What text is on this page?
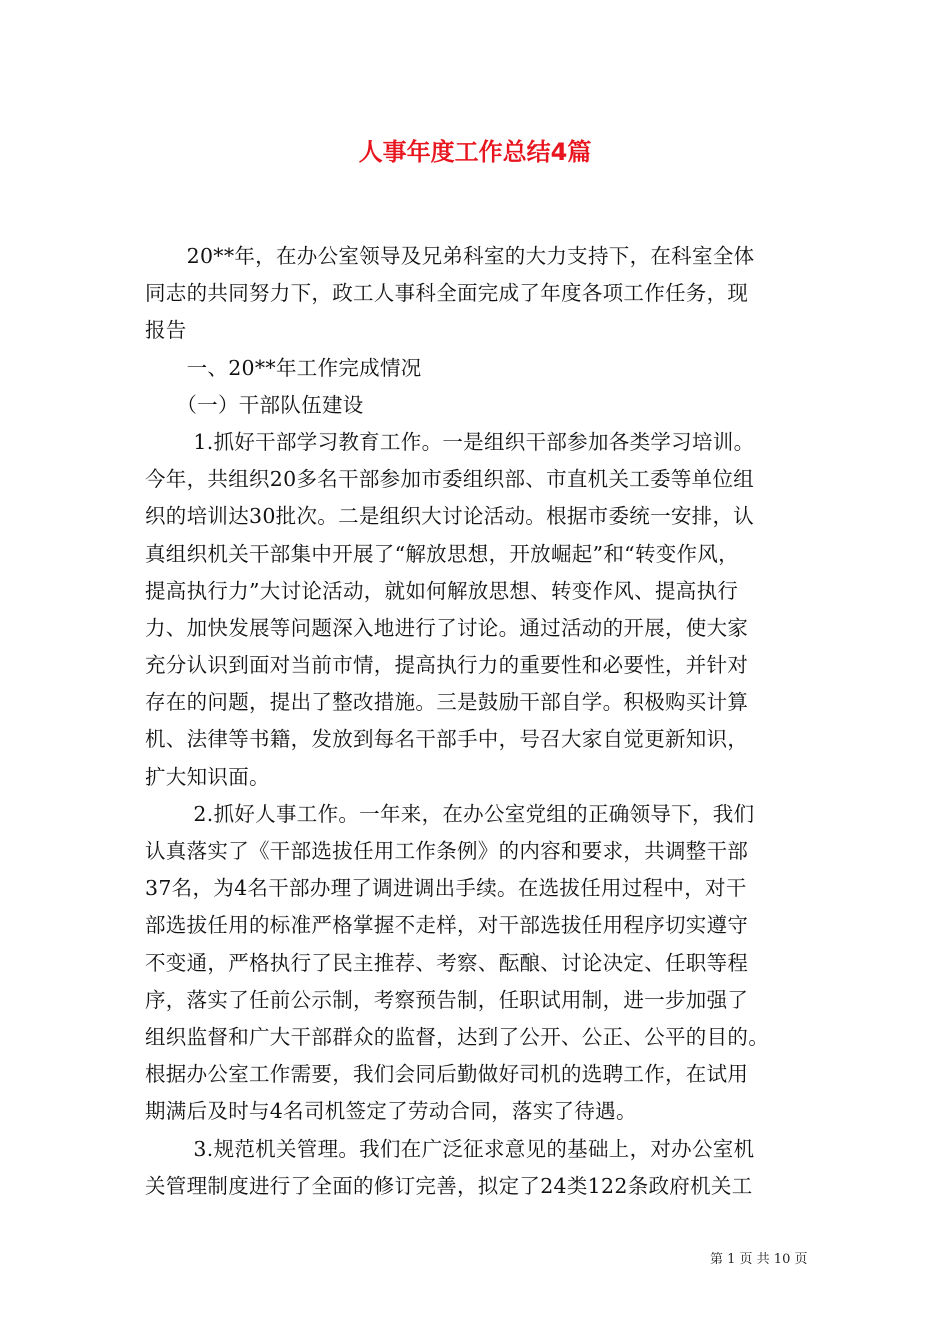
人事年度工作总结4篇
　　20**年，在办公室领导及兄弟科室的大力支持下，在科室全体
同志的共同努力下，政工人事科全面完成了年度各项工作任务，现
报告
　　一、20**年工作完成情况
　　（一）干部队伍建设
　　 1.抓好干部学习教育工作。一是组织干部参加各类学习培训。
今年，共组织20多名干部参加市委组织部、市直机关工委等单位组
织的培训达30批次。二是组织大讨论活动。根据市委统一安排，认
真组织机关干部集中开展了“解放思想，开放崛起”和“转变作风，
提高执行力”大讨论活动，就如何解放思想、转变作风、提高执行
力、加快发展等问题深入地进行了讨论。通过活动的开展，使大家
充分认识到面对当前市情，提高执行力的重要性和必要性，并针对
存在的问题，提出了整改措施。三是鼓励干部自学。积极购买计算
机、法律等书籍，发放到每名干部手中，号召大家自觉更新知识，
扩大知识面。
　　 2.抓好人事工作。一年来，在办公室党组的正确领导下，我们
认真落实了《干部选拔任用工作条例》的内容和要求，共调整干部
37名，为4名干部办理了调进调出手续。在选拔任用过程中，对干
部选拔任用的标准严格掌握不走样，对干部选拔任用程序切实遵守
不变通，严格执行了民主推荐、考察、酝酿、讨论决定、任职等程
序，落实了任前公示制，考察预告制，任职试用制，进一步加强了
组织监督和广大干部群众的监督，达到了公开、公正、公平的目的。
根据办公室工作需要，我们会同后勤做好司机的选聘工作，在试用
期满后及时与4名司机签定了劳动合同，落实了待遇。
　　 3.规范机关管理。我们在广泛征求意见的基础上，对办公室机
关管理制度进行了全面的修订完善，拟定了24类122条政府机关工
第 1 页 共 10 页
